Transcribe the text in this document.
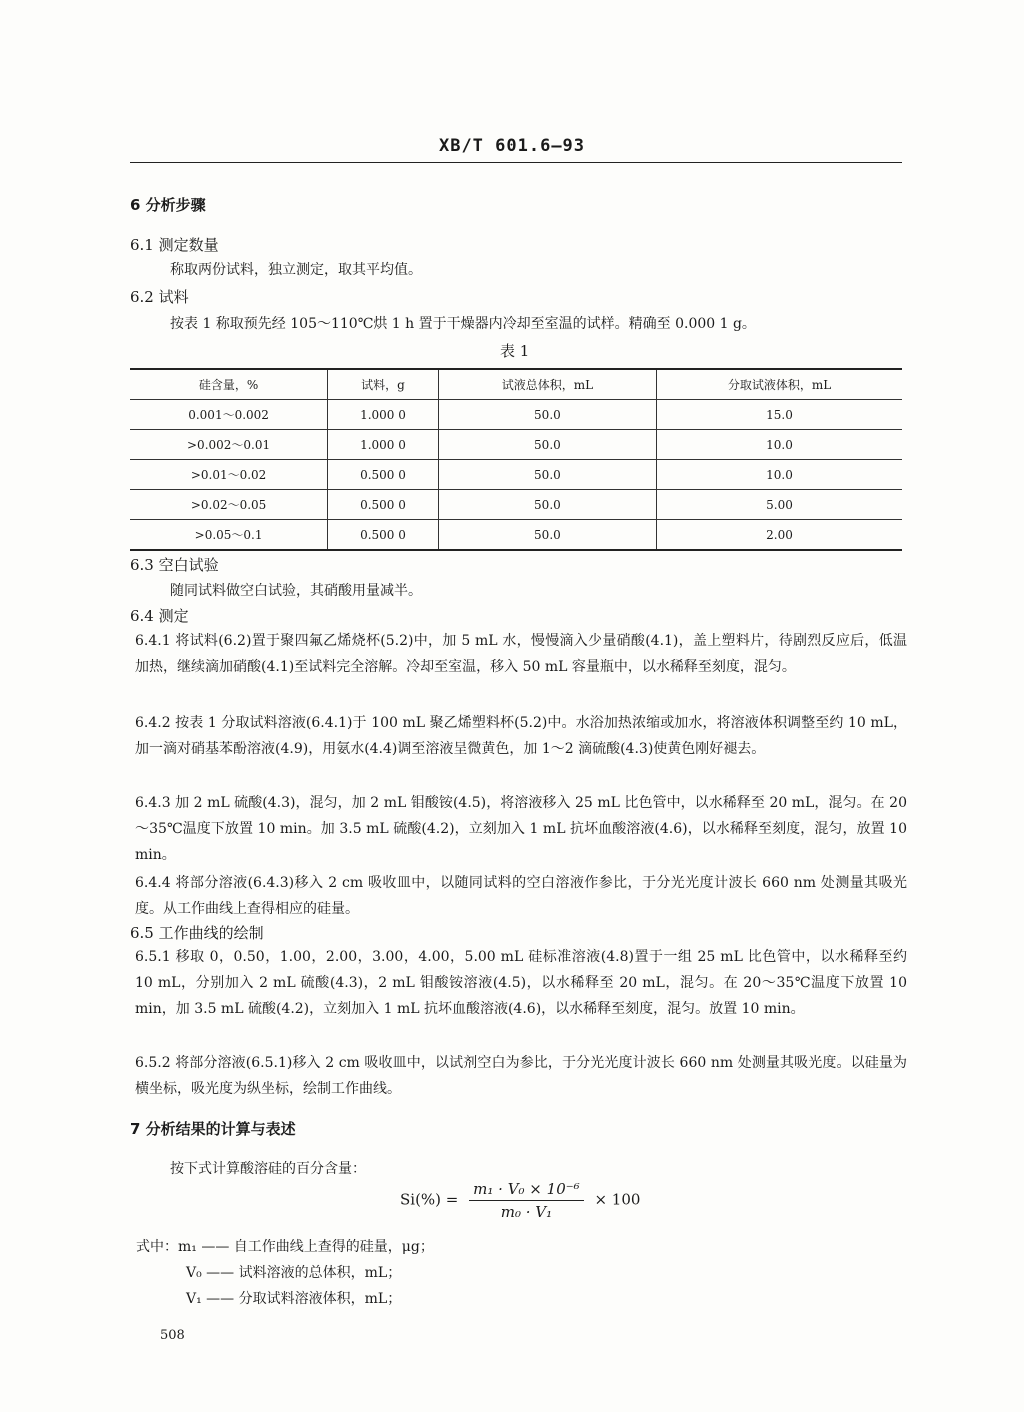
XB/T 601.6—93
6 分析步骤
6.1 测定数量
称取两份试料，独立测定，取其平均值。
6.2 试料
按表 1 称取预先经 105～110℃烘 1 h 置于干燥器内冷却至室温的试样。精确至 0.000 1 g。
表 1
硅含量，%	试料，g	试液总体积，mL	分取试液体积，mL
0.001～0.002	1.000 0	50.0	15.0
>0.002～0.01	1.000 0	50.0	10.0
>0.01～0.02	0.500 0	50.0	10.0
>0.02～0.05	0.500 0	50.0	5.00
>0.05～0.1	0.500 0	50.0	2.00
6.3 空白试验
随同试料做空白试验，其硝酸用量减半。
6.4 测定
6.4.1 将试料(6.2)置于聚四氟乙烯烧杯(5.2)中，加 5 mL 水，慢慢滴入少量硝酸(4.1)，盖上塑料片，待剧烈反应后，低温加热，继续滴加硝酸(4.1)至试料完全溶解。冷却至室温，移入 50 mL 容量瓶中，以水稀释至刻度，混匀。
6.4.2 按表 1 分取试料溶液(6.4.1)于 100 mL 聚乙烯塑料杯(5.2)中。水浴加热浓缩或加水，将溶液体积调整至约 10 mL，加一滴对硝基苯酚溶液(4.9)，用氨水(4.4)调至溶液呈微黄色，加 1～2 滴硫酸(4.3)使黄色刚好褪去。
6.4.3 加 2 mL 硫酸(4.3)，混匀，加 2 mL 钼酸铵(4.5)，将溶液移入 25 mL 比色管中，以水稀释至 20 mL，混匀。在 20～35℃温度下放置 10 min。加 3.5 mL 硫酸(4.2)，立刻加入 1 mL 抗坏血酸溶液(4.6)，以水稀释至刻度，混匀，放置 10 min。
6.4.4 将部分溶液(6.4.3)移入 2 cm 吸收皿中，以随同试料的空白溶液作参比，于分光光度计波长 660 nm 处测量其吸光度。从工作曲线上查得相应的硅量。
6.5 工作曲线的绘制
6.5.1 移取 0，0.50，1.00，2.00，3.00，4.00，5.00 mL 硅标准溶液(4.8)置于一组 25 mL 比色管中，以水稀释至约 10 mL，分别加入 2 mL 硫酸(4.3)，2 mL 钼酸铵溶液(4.5)，以水稀释至 20 mL，混匀。在 20～35℃温度下放置 10 min，加 3.5 mL 硫酸(4.2)，立刻加入 1 mL 抗坏血酸溶液(4.6)，以水稀释至刻度，混匀。放置 10 min。
6.5.2 将部分溶液(6.5.1)移入 2 cm 吸收皿中，以试剂空白为参比，于分光光度计波长 660 nm 处测量其吸光度。以硅量为横坐标，吸光度为纵坐标，绘制工作曲线。
7 分析结果的计算与表述
按下式计算酸溶硅的百分含量：
$Si(\%) = \frac{\text{m₁ · V₀ × 10⁻⁶}}{\text{m₀ · V₁}} \times 100$
式中：m₁ —— 自工作曲线上查得的硅量，μg；
V₀ —— 试料溶液的总体积，mL；
V₁ —— 分取试料溶液体积，mL；
508
